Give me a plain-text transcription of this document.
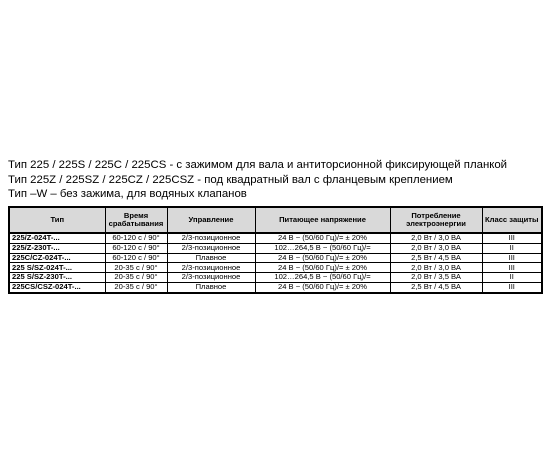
Тип 225 / 225S / 225C / 225CS - с зажимом для вала и антиторсионной фиксирующей планкой
Тип 225Z / 225SZ / 225CZ / 225CSZ - под квадратный вал с фланцевым креплением
Тип –W – без зажима, для водяных клапанов
Тип	Время срабатывания	Управление	Питающее напряжение	Потребление электроэнергии	Класс защиты
225/Z-024T-...	60-120 с / 90°	2/3-позиционное	24 В ~ (50/60 Гц)/= ± 20%	2,0 Вт / 3,0 ВА	III
225/Z-230T-...	60-120 с / 90°	2/3-позиционное	102…264,5 В ~ (50/60 Гц)/=	2,0 Вт / 3,0 ВА	II
225C/CZ-024T-...	60-120 с / 90°	Плавное	24 В ~ (50/60 Гц)/= ± 20%	2,5 Вт / 4,5 ВА	III
225 S/SZ-024T-...	20-35 с / 90°	2/3-позиционное	24 В ~ (50/60 Гц)/= ± 20%	2,0 Вт / 3,0 ВА	III
225 S/SZ-230T-...	20-35 с / 90°	2/3-позиционное	102…264,5 В ~ (50/60 Гц)/=	2,0 Вт / 3,5 ВА	II
225CS/CSZ-024T-...	20-35 с / 90°	Плавное	24 В ~ (50/60 Гц)/= ± 20%	2,5 Вт / 4,5 ВА	III
